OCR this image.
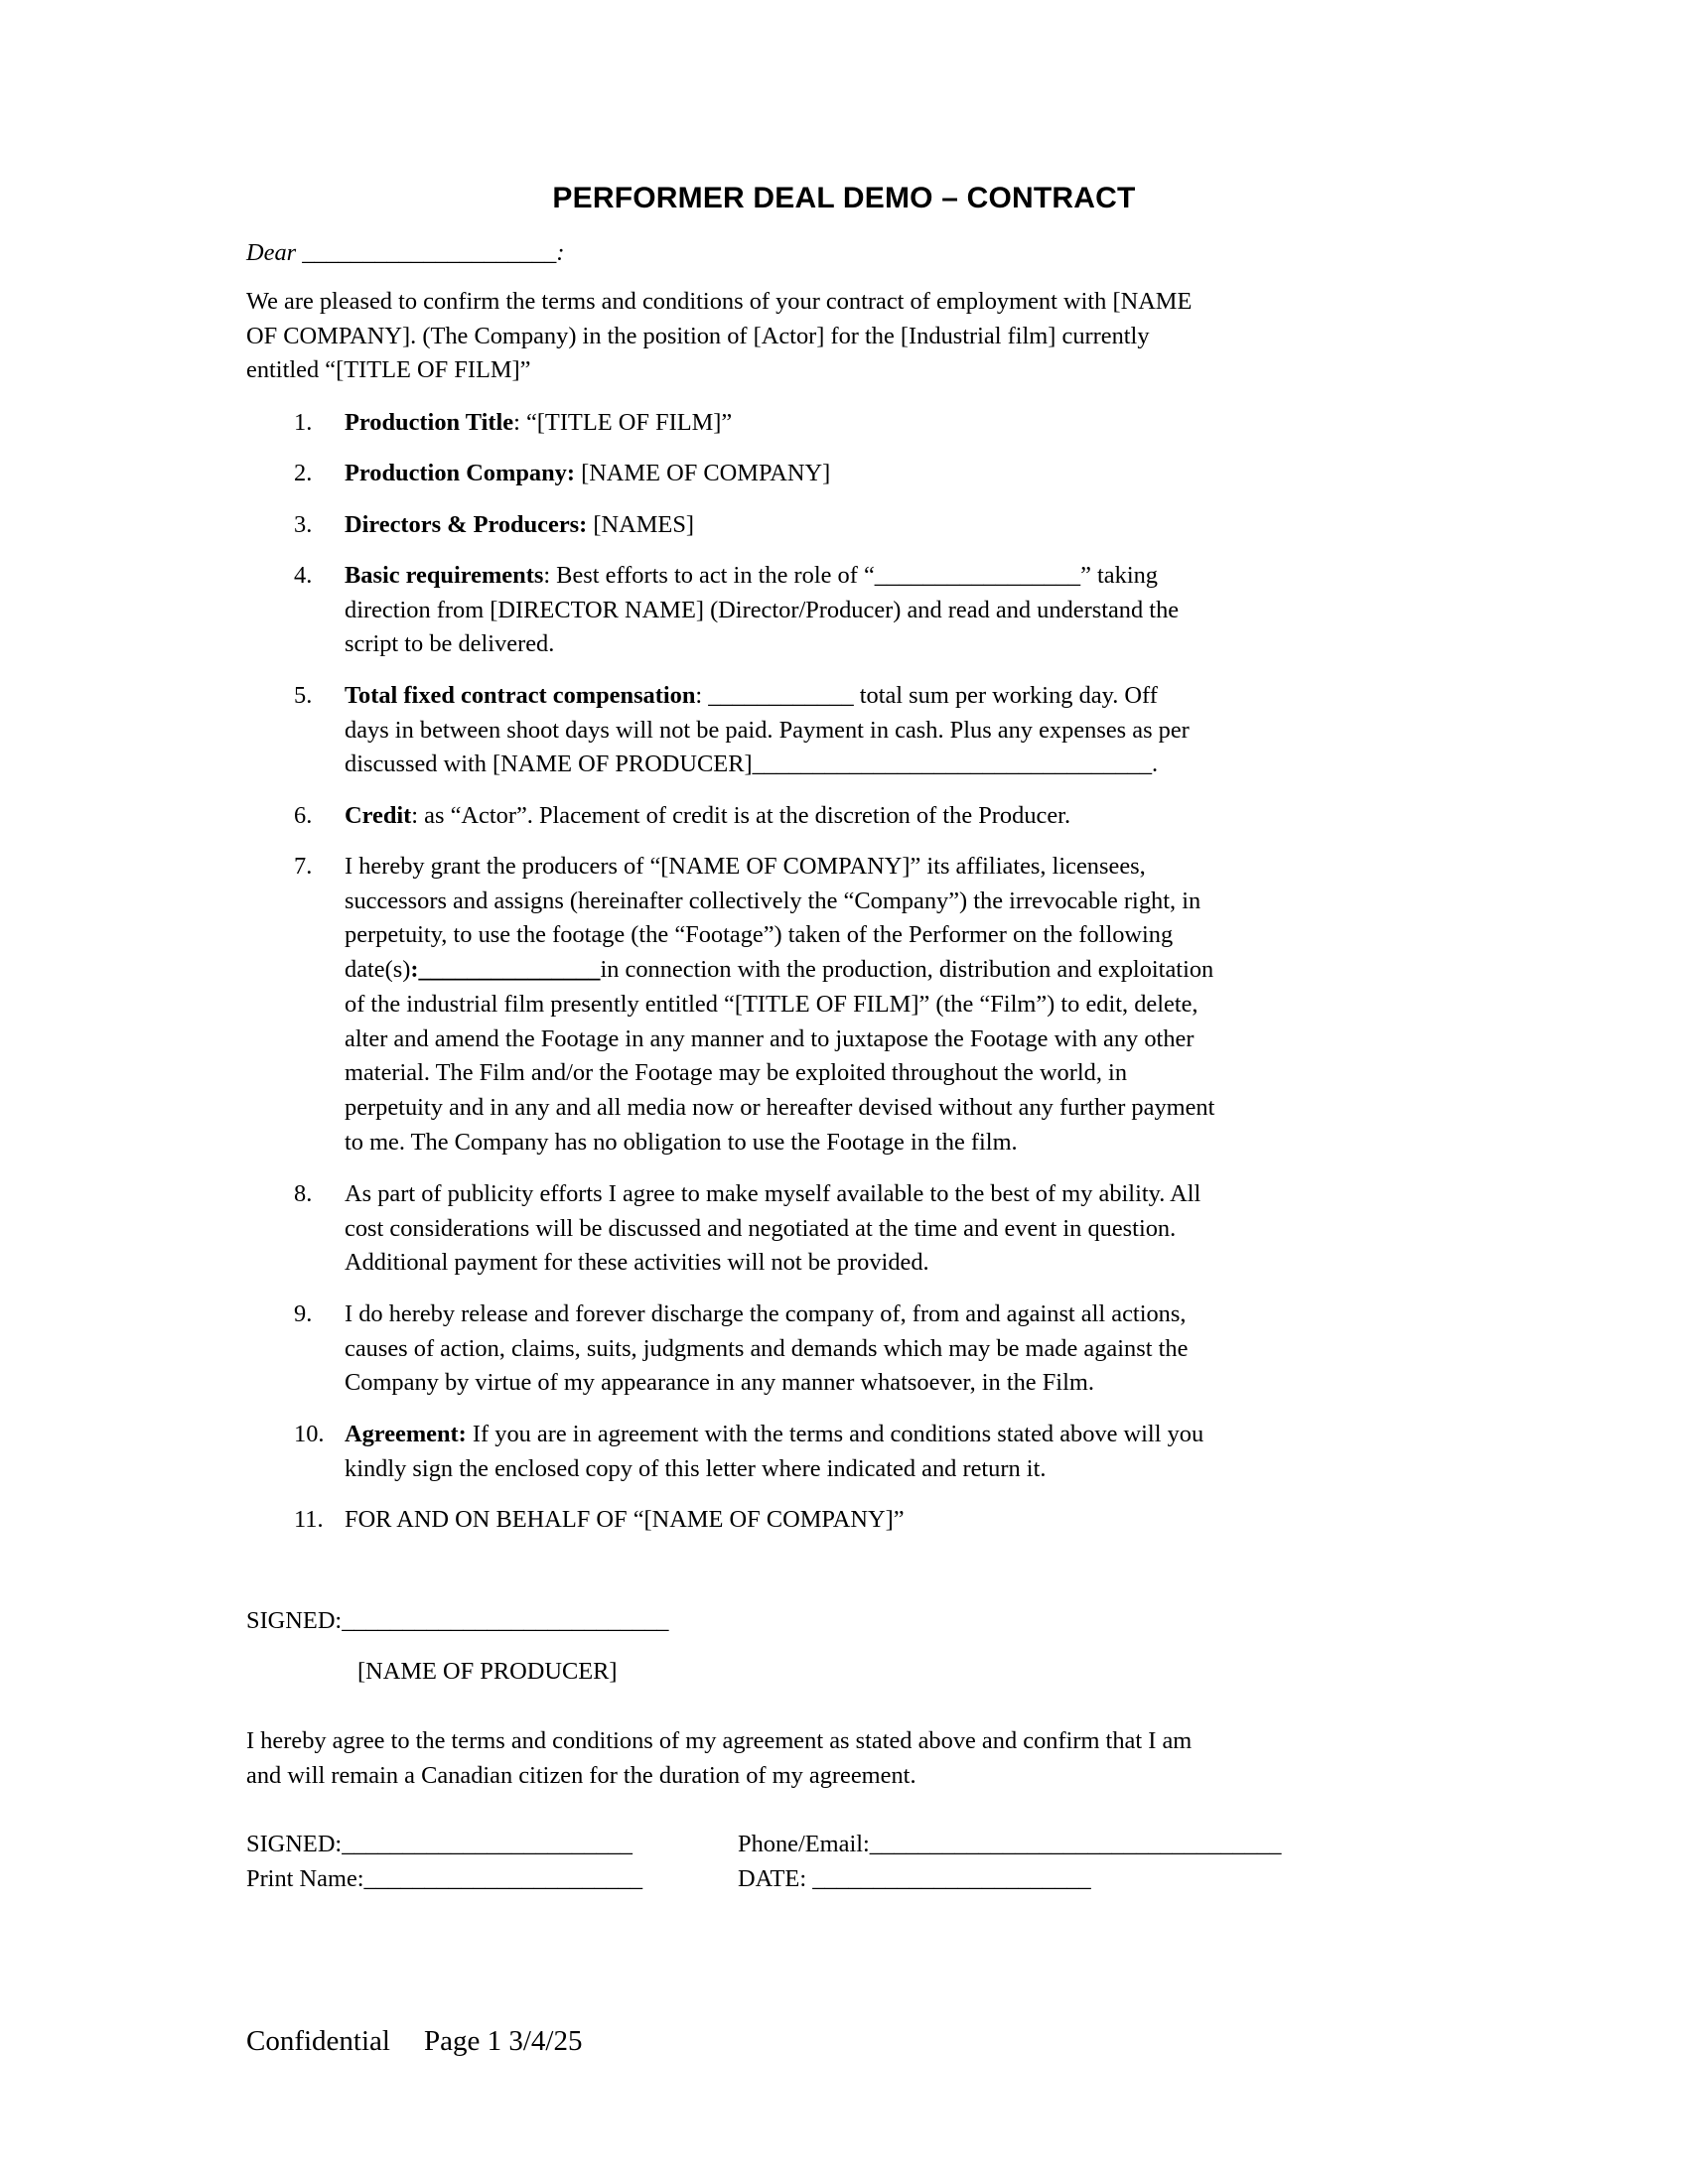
PERFORMER DEAL DEMO – CONTRACT
Dear _____________________:
We are pleased to confirm the terms and conditions of your contract of employment with [NAME
OF COMPANY]. (The Company) in the position of [Actor] for the [Industrial film] currently
entitled “[TITLE OF FILM]”
1. Production Title: “[TITLE OF FILM]”
2. Production Company: [NAME OF COMPANY]
3. Directors & Producers: [NAMES]
4. Basic requirements: Best efforts to act in the role of “_________________” taking
direction from [DIRECTOR NAME] (Director/Producer) and read and understand the
script to be delivered.
5. Total fixed contract compensation: ____________ total sum per working day. Off
days in between shoot days will not be paid. Payment in cash. Plus any expenses as per
discussed with [NAME OF PRODUCER]_________________________________.
6. Credit: as “Actor”. Placement of credit is at the discretion of the Producer.
7. I hereby grant the producers of “[NAME OF COMPANY]” its affiliates, licensees,
successors and assigns (hereinafter collectively the “Company”) the irrevocable right, in
perpetuity, to use the footage (the “Footage”) taken of the Performer on the following
date(s):_______________in connection with the production, distribution and exploitation
of the industrial film presently entitled “[TITLE OF FILM]” (the “Film”) to edit, delete,
alter and amend the Footage in any manner and to juxtapose the Footage with any other
material. The Film and/or the Footage may be exploited throughout the world, in
perpetuity and in any and all media now or hereafter devised without any further payment
to me. The Company has no obligation to use the Footage in the film.
8. As part of publicity efforts I agree to make myself available to the best of my ability. All
cost considerations will be discussed and negotiated at the time and event in question.
Additional payment for these activities will not be provided.
9. I do hereby release and forever discharge the company of, from and against all actions,
causes of action, claims, suits, judgments and demands which may be made against the
Company by virtue of my appearance in any manner whatsoever, in the Film.
10. Agreement: If you are in agreement with the terms and conditions stated above will you
kindly sign the enclosed copy of this letter where indicated and return it.
11. FOR AND ON BEHALF OF “[NAME OF COMPANY]”
SIGNED:___________________________
[NAME OF PRODUCER]
I hereby agree to the terms and conditions of my agreement as stated above and confirm that I am
and will remain a Canadian citizen for the duration of my agreement.
SIGNED:________________________	Phone/Email:__________________________________
Print Name:_______________________	DATE: _______________________
Confidential Page 1 3/4/25
